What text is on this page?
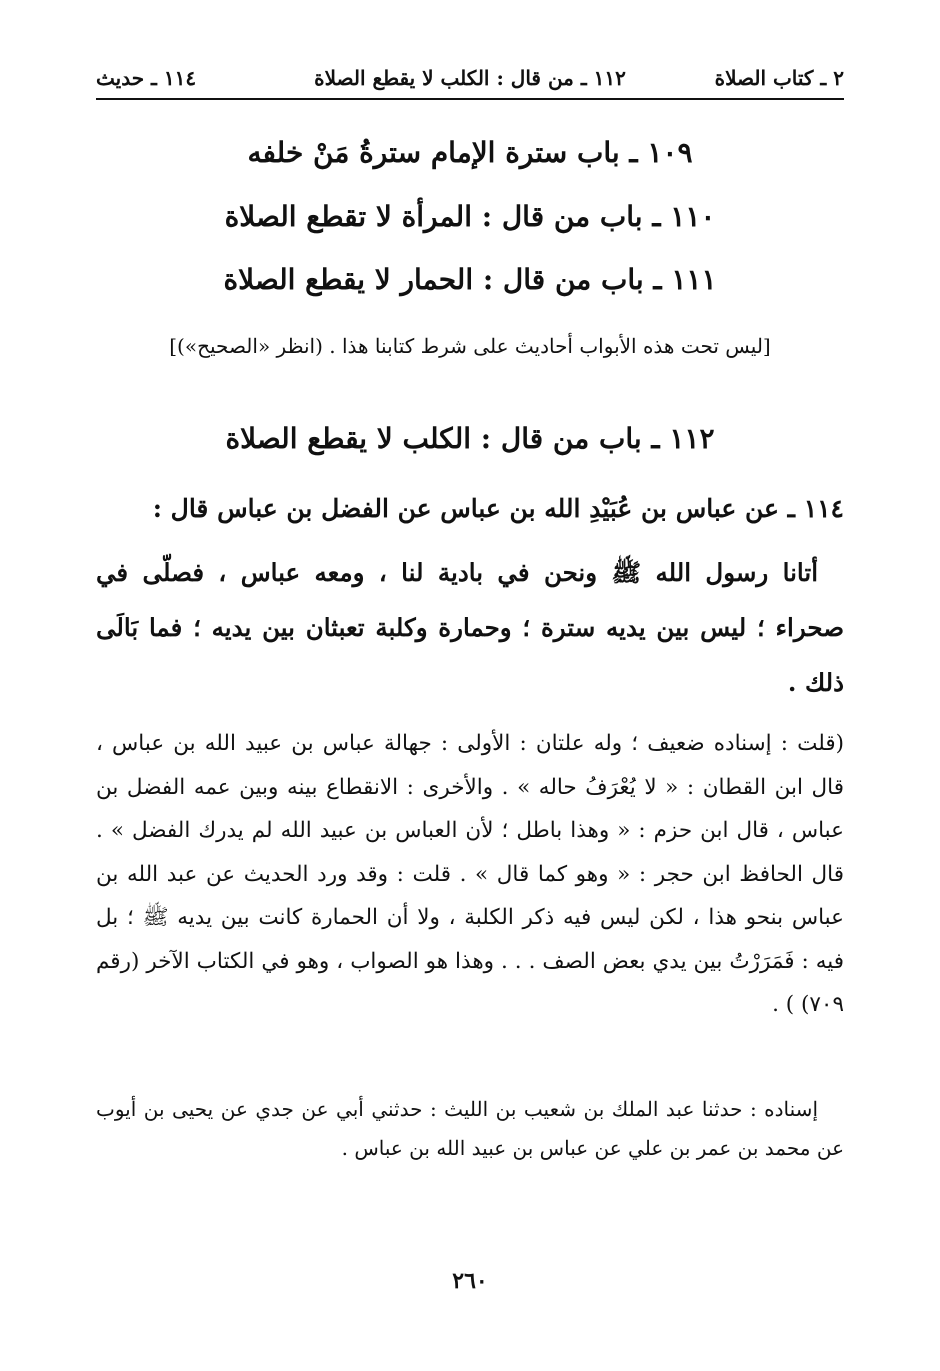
٢ ـ كتاب الصلاة
١١٢ ـ من قال : الكلب لا يقطع الصلاة
١١٤ ـ حديث
١٠٩ ـ باب سترة الإمام سترةُ مَنْ خلفه
١١٠ ـ باب من قال : المرأة لا تقطع الصلاة
١١١ ـ باب من قال : الحمار لا يقطع الصلاة
[ليس تحت هذه الأبواب أحاديث على شرط كتابنا هذا . (انظر «الصحيح»)]
١١٢ ـ باب من قال : الكلب لا يقطع الصلاة
١١٤ ـ عن عباس بن عُبَيْدِ الله بن عباس عن الفضل بن عباس قال :
أتانا رسول الله ﷺ ونحن في بادية لنا ، ومعه عباس ، فصلّى في صحراء ؛ ليس بين يديه سترة ؛ وحمارة وكلبة تعبثان بين يديه ؛ فما بَالَى ذلك .
(قلت : إسناده ضعيف ؛ وله علتان : الأولى : جهالة عباس بن عبيد الله بن عباس ، قال ابن القطان : « لا يُعْرَفُ حاله » . والأخرى : الانقطاع بينه وبين عمه الفضل بن عباس ، قال ابن حزم : « وهذا باطل ؛ لأن العباس بن عبيد الله لم يدرك الفضل » . قال الحافظ ابن حجر : « وهو كما قال » . قلت : وقد ورد الحديث عن عبد الله بن عباس بنحو هذا ، لكن ليس فيه ذكر الكلبة ، ولا أن الحمارة كانت بين يديه ﷺ ؛ بل فيه : فَمَرَرْتُ بين يدي بعض الصف . . . وهذا هو الصواب ، وهو في الكتاب الآخر (رقم ٧٠٩) ) .
إسناده : حدثنا عبد الملك بن شعيب بن الليث : حدثني أبي عن جدي عن يحيى بن أيوب عن محمد بن عمر بن علي عن عباس بن عبيد الله بن عباس .
٢٦٠
